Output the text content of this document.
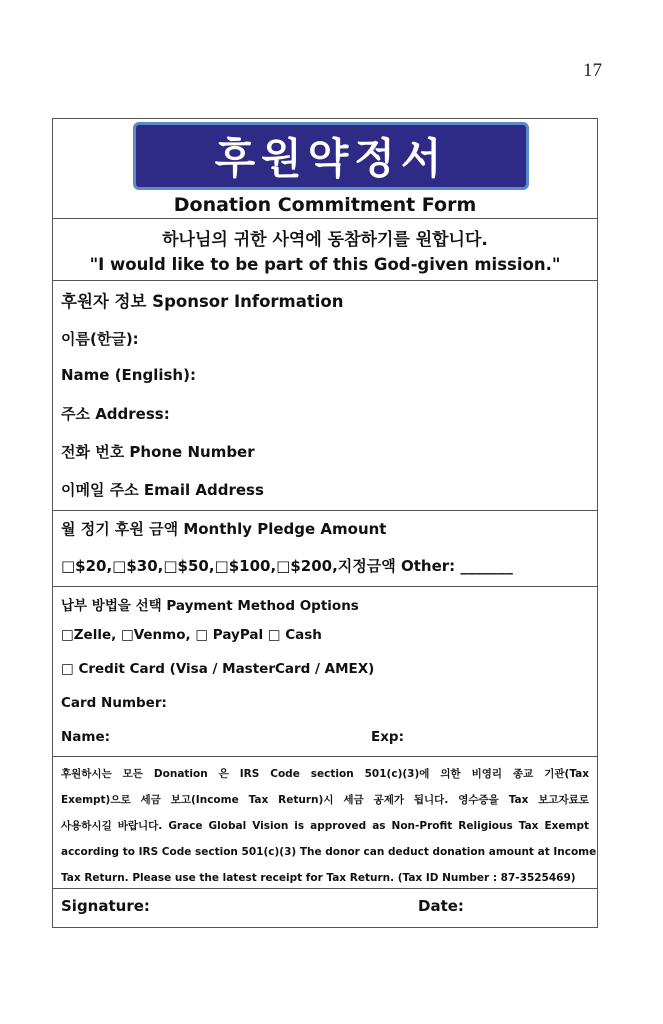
17
후원약정서
Donation Commitment Form
하나님의 귀한 사역에 동참하기를 원합니다.
"I would like to be part of this God-given mission."
후원자 정보 Sponsor Information
이름(한글):
Name (English):
주소 Address:
전화 번호 Phone Number
이메일 주소 Email Address
월 정기 후원 금액 Monthly Pledge Amount
□$20,□$30,□$50,□$100,□$200,지정금액 Other: _______
납부 방법을 선택 Payment Method Options
□Zelle, □Venmo, □ PayPal □ Cash
□ Credit Card (Visa / MasterCard / AMEX)
Card Number:
Name:	Exp:
후원하시는 모든 Donation 은 IRS Code section 501(c)(3)에 의한 비영리 종교 기관(Tax
Exempt)으로 세금 보고(Income Tax Return)시 세금 공제가 됩니다. 영수증을 Tax 보고자료로
사용하시길 바랍니다. Grace Global Vision is approved as Non-Profit Religious Tax Exempt
according to IRS Code section 501(c)(3) The donor can deduct donation amount at Income
Tax Return. Please use the latest receipt for Tax Return. (Tax ID Number : 87-3525469)
Signature:	Date:
